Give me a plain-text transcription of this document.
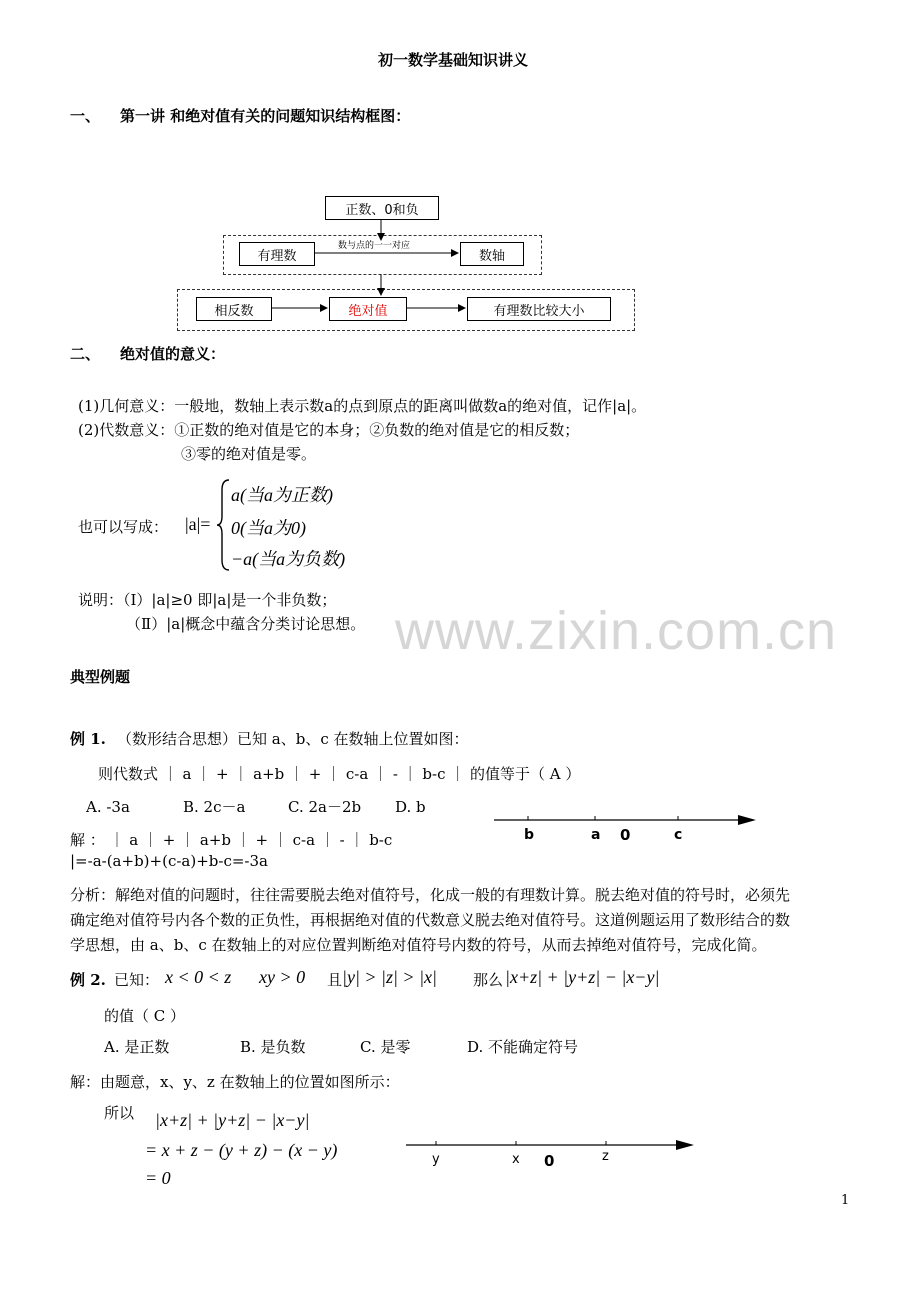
初一数学基础知识讲义
一、 第一讲 和绝对值有关的问题知识结构框图：
正数、0和负
有理数	数轴
相反数	绝对值	有理数比较大小
数与点的一一对应
二、 绝对值的意义：
(1)几何意义：一般地，数轴上表示数a的点到原点的距离叫做数a的绝对值，记作|a|。
(2)代数意义：①正数的绝对值是它的本身；②负数的绝对值是它的相反数；
③零的绝对值是零。
也可以写成： |a|=
a(当a为正数)
0(当a为0)
−a(当a为负数)
说明：（Ⅰ）|a|≥0 即|a|是一个非负数；
（Ⅱ）|a|概念中蕴含分类讨论思想。 www.zixin.com.cn
典型例题
例 1. （数形结合思想）已知 a、b、c 在数轴上位置如图：
则代数式 ｜ a ｜ + ｜ a+b ｜ + ｜ c-a ｜ - ｜ b-c ｜ 的值等于（ A ）
A. -3a	B. 2c－a	C. 2a－2b D. b
解 ： ｜ a ｜ + ｜ a+b ｜ + ｜ c-a ｜ - ｜ b-c
|=-a-(a+b)+(c-a)+b-c=-3a
b	a 0	c
分析：解绝对值的问题时，往往需要脱去绝对值符号，化成一般的有理数计算。脱去绝对值的符号时，必须先
确定绝对值符号内各个数的正负性，再根据绝对值的代数意义脱去绝对值符号。这道例题运用了数形结合的数
学思想，由 a、b、c 在数轴上的对应位置判断绝对值符号内数的符号，从而去掉绝对值符号，完成化简。
例 2. 已知： x < 0 < z xy > 0 且 |y| > |z| > |x| 那么 |x+z| + |y+z| − |x−y|
的值（ C ）
A. 是正数	B. 是负数	C. 是零	D. 不能确定符号
解：由题意，x、y、z 在数轴上的位置如图所示：
所以 |x+z| + |y+z| − |x−y|
= x + z − (y + z) − (x − y)
= 0
y	x 0	z
1
